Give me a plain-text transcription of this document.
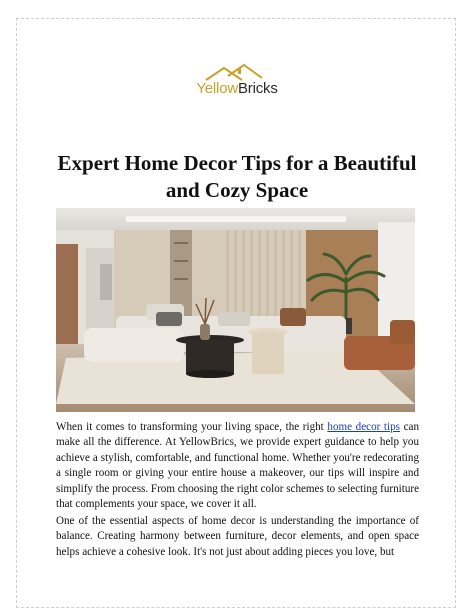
YellowBricks
Expert Home Decor Tips for a Beautiful and Cozy Space

When it comes to transforming your living space, the right home decor tips can make all the difference. At YellowBrics, we provide expert guidance to help you achieve a stylish, comfortable, and functional home. Whether you're redecorating a single room or giving your entire house a makeover, our tips will inspire and simplify the process. From choosing the right color schemes to selecting furniture that complements your space, we cover it all.

One of the essential aspects of home decor is understanding the importance of balance. Creating harmony between furniture, decor elements, and open space helps achieve a cohesive look. It's not just about adding pieces you love, but
